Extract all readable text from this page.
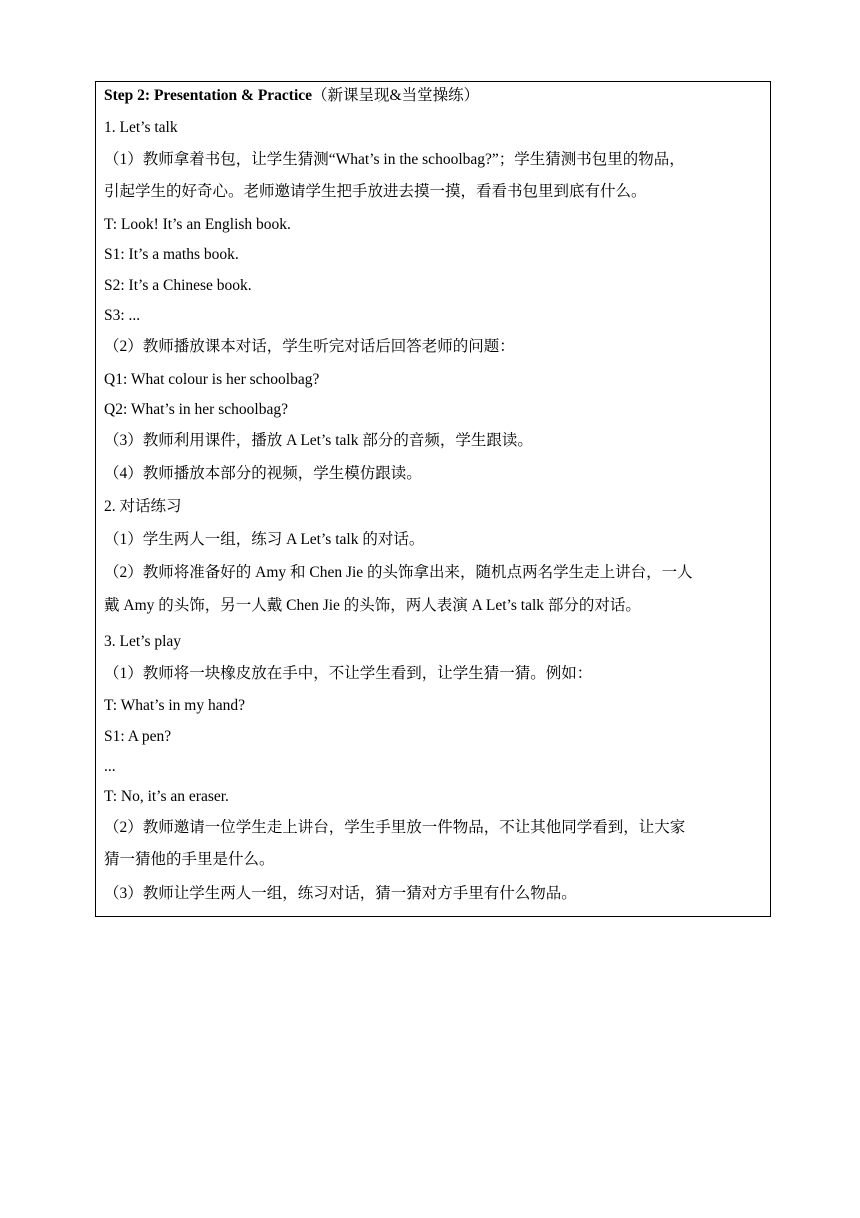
Step 2: Presentation & Practice（新课呈现&当堂操练）
1. Let’s talk
（1）教师拿着书包，让学生猜测“What’s in the schoolbag?”；学生猜测书包里的物品，
引起学生的好奇心。老师邀请学生把手放进去摸一摸，看看书包里到底有什么。
T: Look! It’s an English book.
S1: It’s a maths book.
S2: It’s a Chinese book.
S3: ...
（2）教师播放课本对话，学生听完对话后回答老师的问题：
Q1: What colour is her schoolbag?
Q2: What’s in her schoolbag?
（3）教师利用课件，播放 A Let’s talk 部分的音频，学生跟读。
（4）教师播放本部分的视频，学生模仿跟读。
2. 对话练习
（1）学生两人一组，练习 A Let’s talk 的对话。
（2）教师将准备好的 Amy 和 Chen Jie 的头饰拿出来，随机点两名学生走上讲台，一人
戴 Amy 的头饰，另一人戴 Chen Jie 的头饰，两人表演 A Let’s talk 部分的对话。
3. Let’s play
（1）教师将一块橡皮放在手中，不让学生看到，让学生猜一猜。例如：
T: What’s in my hand?
S1: A pen?
...
T: No, it’s an eraser.
（2）教师邀请一位学生走上讲台，学生手里放一件物品，不让其他同学看到，让大家
猜一猜他的手里是什么。
（3）教师让学生两人一组，练习对话，猜一猜对方手里有什么物品。
